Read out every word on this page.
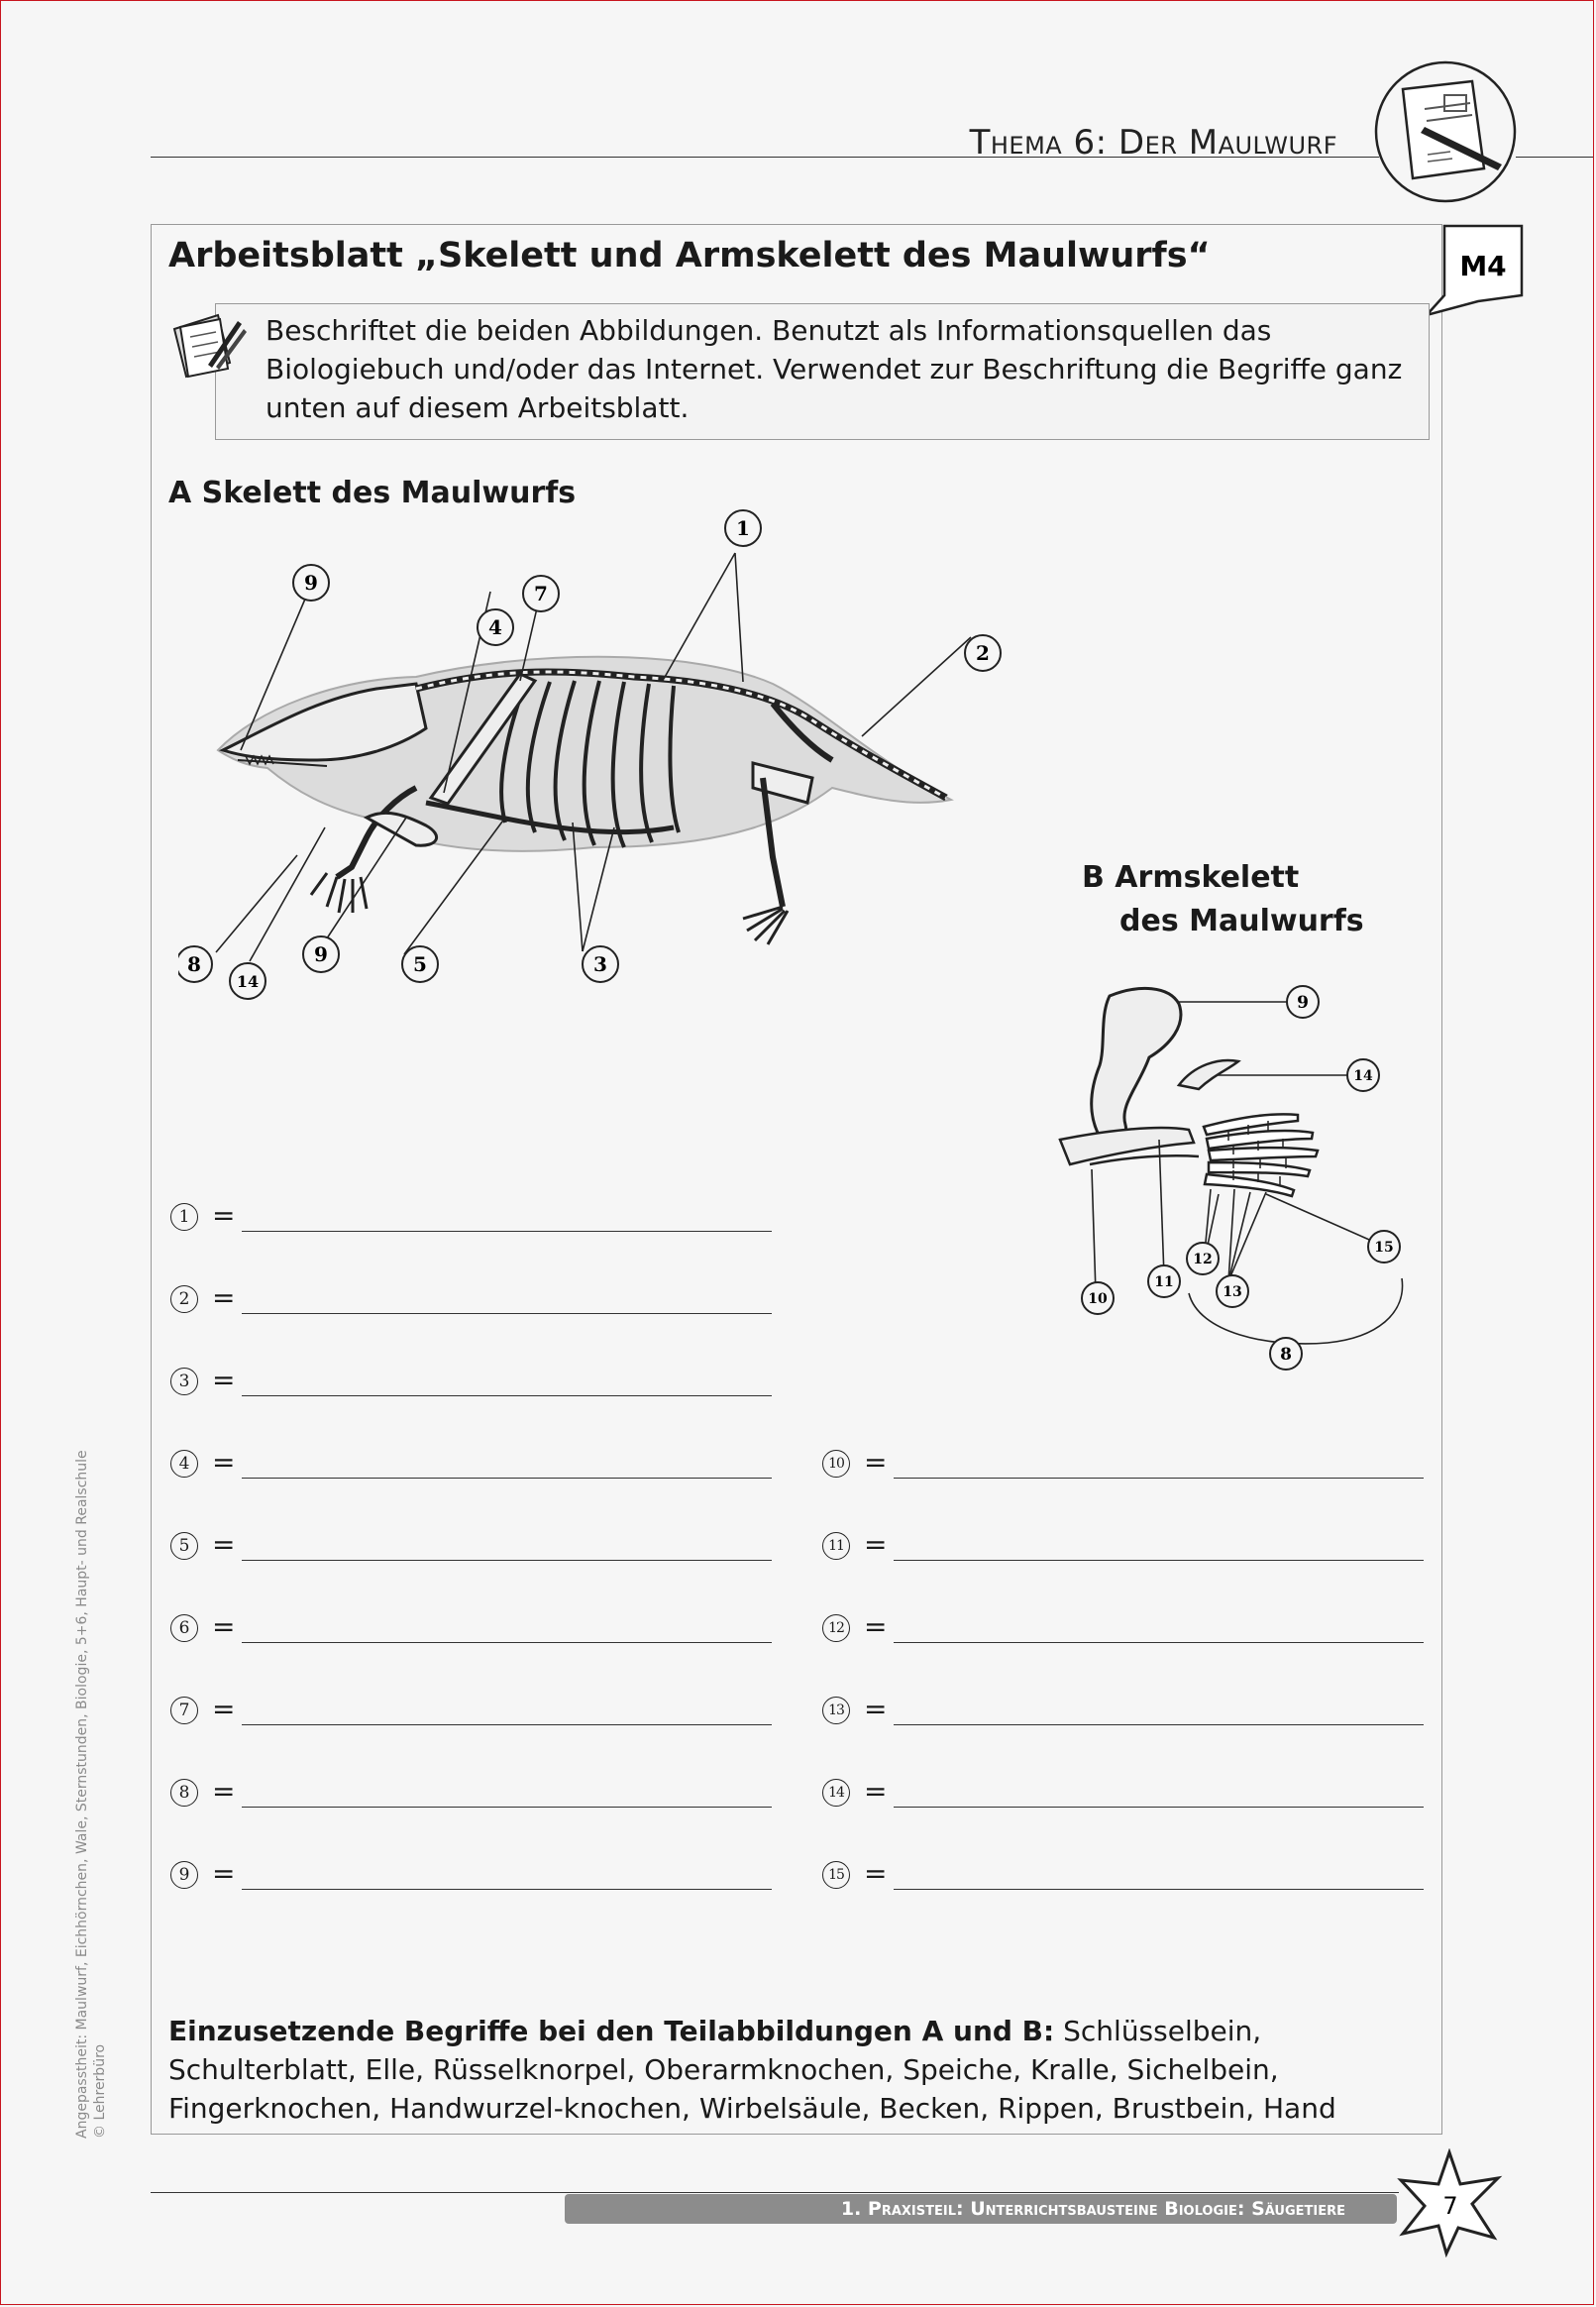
Thema 6: Der Maulwurf
Arbeitsblatt „Skelett und Armskelett des Maulwurfs“	M4
Beschriftet die beiden Abbildungen. Benutzt als Informationsquellen das Biologiebuch und/oder das Internet. Verwendet zur Beschriftung die Begriffe ganz unten auf diesem Arbeitsblatt.
A Skelett des Maulwurfs
9
4
7
1
2
8
14
9	5	3
B Armskelett
des Maulwurfs
9
14
15
12
11
13
10
8
1 =
2 =
3 =
4 =
5 =
6 =
7 =
8 =
9 =
10 =
11 =
12 =
13 =
14 =
15 =
Einzusetzende Begriffe bei den Teilabbildungen A und B: Schlüsselbein, Schulterblatt, Elle, Rüsselknorpel, Oberarmknochen, Speiche, Kralle, Sichelbein, Fingerknochen, Handwurzel-knochen, Wirbelsäule, Becken, Rippen, Brustbein, Hand
Angepasstheit: Maulwurf, Eichhörnchen, Wale, Sternstunden, Biologie, 5+6, Haupt- und Realschule © Lehrerbüro
1. Praxisteil: Unterrichtsbausteine Biologie: Säugetiere	7
